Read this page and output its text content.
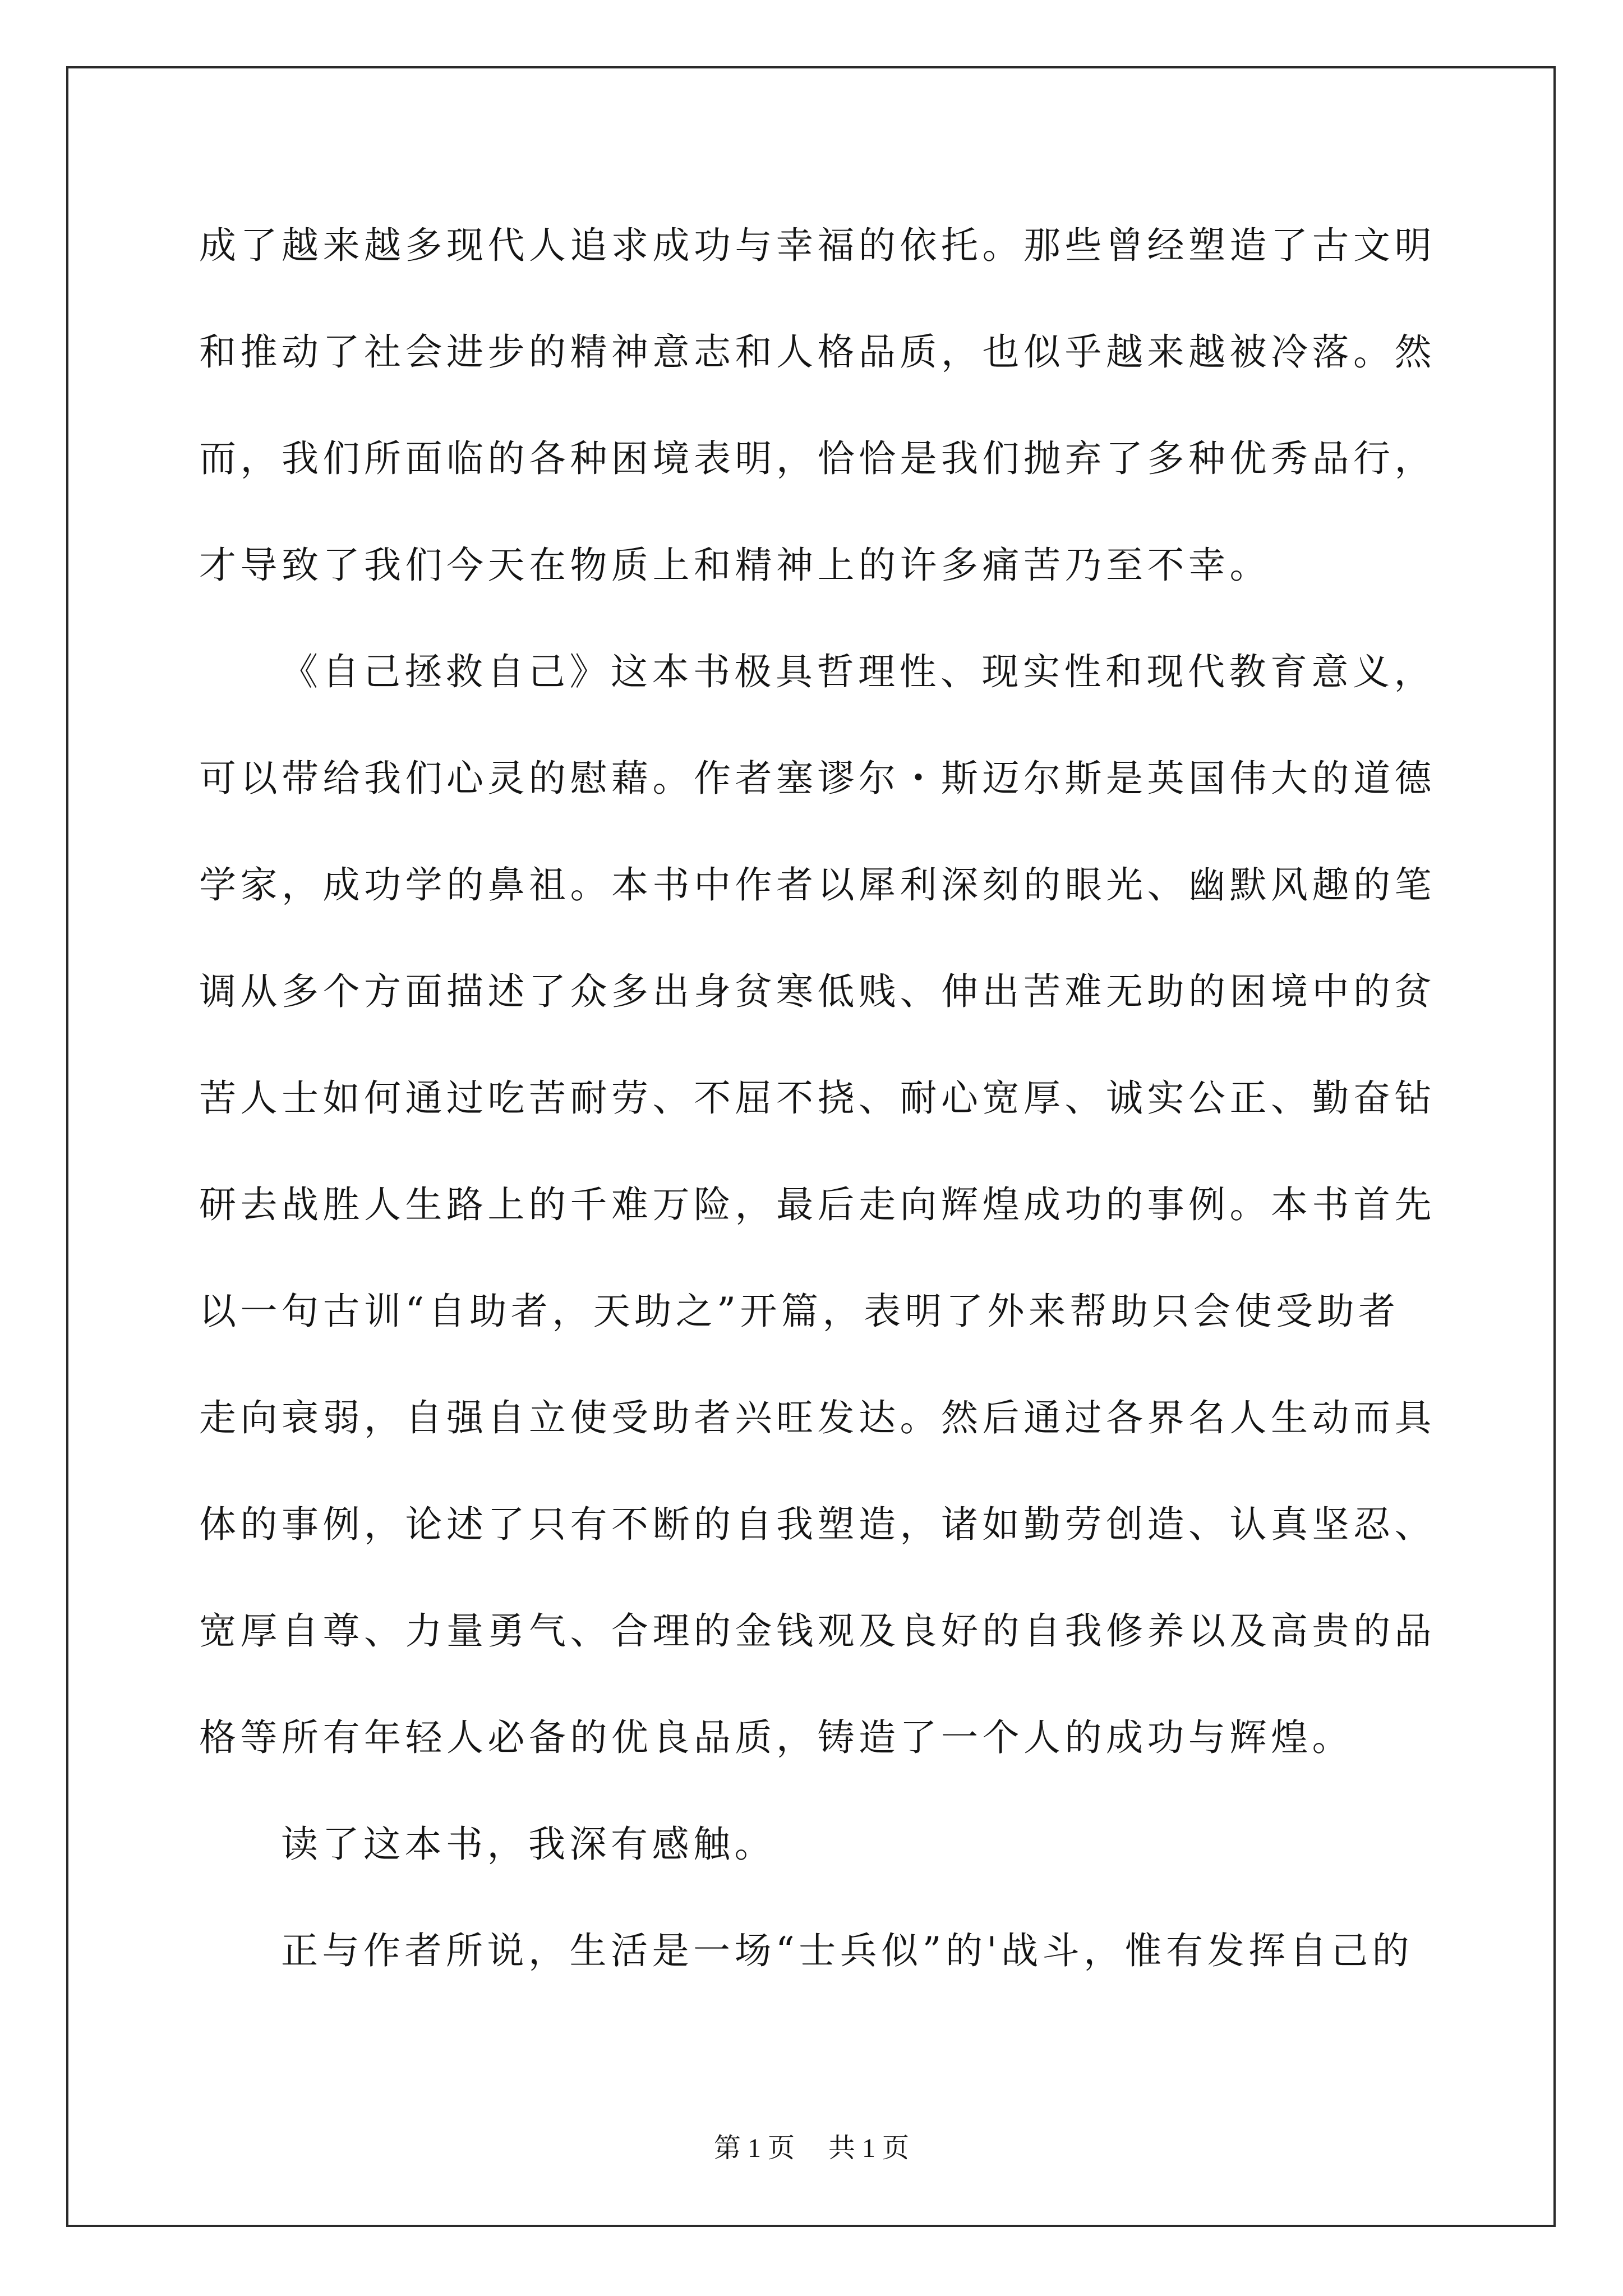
成了越来越多现代人追求成功与幸福的依托。那些曾经塑造了古文明
和推动了社会进步的精神意志和人格品质，也似乎越来越被冷落。然
而，我们所面临的各种困境表明，恰恰是我们抛弃了多种优秀品行，
才导致了我们今天在物质上和精神上的许多痛苦乃至不幸。
《自己拯救自己》这本书极具哲理性、现实性和现代教育意义，
可以带给我们心灵的慰藉。作者塞谬尔・斯迈尔斯是英国伟大的道德
学家，成功学的鼻祖。本书中作者以犀利深刻的眼光、幽默风趣的笔
调从多个方面描述了众多出身贫寒低贱、伸出苦难无助的困境中的贫
苦人士如何通过吃苦耐劳、不屈不挠、耐心宽厚、诚实公正、勤奋钻
研去战胜人生路上的千难万险，最后走向辉煌成功的事例。本书首先
以一句古训“自助者，天助之”开篇，表明了外来帮助只会使受助者
走向衰弱，自强自立使受助者兴旺发达。然后通过各界名人生动而具
体的事例，论述了只有不断的自我塑造，诸如勤劳创造、认真坚忍、
宽厚自尊、力量勇气、合理的金钱观及良好的自我修养以及高贵的品
格等所有年轻人必备的优良品质，铸造了一个人的成功与辉煌。
读了这本书，我深有感触。
正与作者所说，生活是一场“士兵似”的'战斗，惟有发挥自己的
第 1 页　 共 1 页
